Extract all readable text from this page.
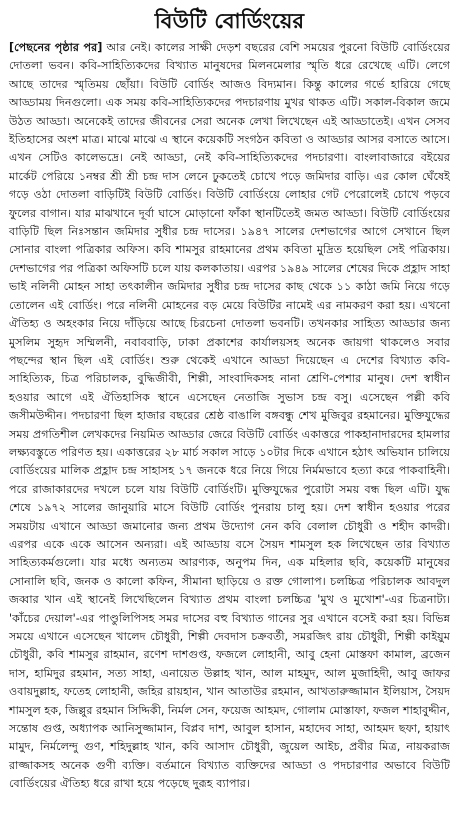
বিউটি বোর্ডিংয়ের

[পেছনের পৃষ্ঠার পর] আর নেই। কালের সাক্ষী দেড়শ বছরের বেশি সময়ের পুরনো বিউটি বোর্ডিংয়ের দোতলা ভবন। কবি-সাহিত্যিকদের বিখ্যাত মানুষদের মিলনমেলার স্মৃতি ধরে রেখেছে এটি। লেগে আছে তাদের স্মৃতিময় ছোঁয়া। বিউটি বোর্ডিং আজও বিদ্যমান। কিন্তু কালের গর্ভে হারিয়ে গেছে আড্ডাময় দিনগুলো। এক সময় কবি-সাহিত্যিকদের পদচারণায় মুখর থাকত এটি। সকাল-বিকাল জমে উঠত আড্ডা। অনেকেই তাদের জীবনের সেরা অনেক লেখা লিখেছেন এই আড্ডাতেই। এখন সেসব ইতিহাসের অংশ মাত্র। মাঝে মাঝে এ স্থানে কয়েকটি সংগঠন কবিতা ও আড্ডার আসর বসাতে আসে। এখন সেটিও কালেভদ্রে। নেই আড্ডা, নেই কবি-সাহিত্যিকদের পদচারণা। বাংলাবাজারে বইয়ের মার্কেট পেরিয়ে ১নম্বর শ্রী শ্রী চন্দ্র দাস লেনে ঢুকতেই চোখে পড়ে জমিদার বাড়ি। এর কোল ঘেঁষেই গড়ে ওঠা দোতলা বাড়িটিই বিউটি বোর্ডিং। বিউটি বোর্ডিংয়ে লোহার গেট পেরোলেই চোখে পড়বে ফুলের বাগান। যার মাঝখানে দূর্বা ঘাসে মোড়ানো ফাঁকা স্থানটিতেই জমত আড্ডা। বিউটি বোর্ডিংয়ের বাড়িটি ছিল নিঃসন্তান জমিদার সুধীর চন্দ্র দাসের। ১৯৪৭ সালের দেশভাগের আগে সেখানে ছিল সোনার বাংলা পত্রিকার অফিস। কবি শামসুর রাহমানের প্রথম কবিতা মুদ্রিত হয়েছিল সেই পত্রিকায়। দেশভাগের পর পত্রিকা অফিসটি চলে যায় কলকাতায়। এরপর ১৯৪৯ সালের শেষের দিকে প্রহ্লাদ সাহা ভাই নলিনী মোহন সাহা তৎকালীন জমিদার সুধীর চন্দ্র দাসের কাছ থেকে ১১ কাঠা জমি নিয়ে গড়ে তোলেন এই বোর্ডিং। পরে নলিনী মোহনের বড় মেয়ে বিউটির নামেই এর নামকরণ করা হয়। এখনো ঐতিহ্য ও অহংকার নিয়ে দাঁড়িয়ে আছে চিরচেনা দোতলা ভবনটি। তখনকার সাহিত্য আড্ডার জন্য মুসলিম সুহৃদ সম্মিলনী, নবাববাড়ি, ঢাকা প্রকাশের কার্যালয়সহ অনেক জায়গা থাকলেও সবার পছন্দের স্থান ছিল এই বোর্ডিং। শুরু থেকেই এখানে আড্ডা দিয়েছেন এ দেশের বিখ্যাত কবি-সাহিত্যিক, চিত্র পরিচালক, বুদ্ধিজীবী, শিল্পী, সাংবাদিকসহ নানা শ্রেণি-পেশার মানুষ। দেশ স্বাধীন হওয়ার আগে এই ঐতিহাসিক স্থানে এসেছেন নেতাজি সুভাস চন্দ্র বসু। এসেছেন পল্লী কবি জসীমউদ্দীন। পদচারণা ছিল হাজার বছরের শ্রেষ্ঠ বাঙালি বঙ্গবন্ধু শেখ মুজিবুর রহমানের। মুক্তিযুদ্ধের সময় প্রগতিশীল লেখকদের নিয়মিত আড্ডার জেরে বিউটি বোর্ডিং একাত্তরে পাকহানাদারদের হামলার লক্ষ্যবস্তুতে পরিণত হয়। একাত্তরের ২৮ মার্চ সকাল সাড়ে ১০টার দিকে এখানে হঠাৎ অভিযান চালিয়ে বোর্ডিংয়ের মালিক প্রহ্লাদ চন্দ্র সাহাসহ ১৭ জনকে ধরে নিয়ে গিয়ে নির্মমভাবে হত্যা করে পাকবাহিনী। পরে রাজাকারদের দখলে চলে যায় বিউটি বোর্ডিংটি। মুক্তিযুদ্ধের পুরোটা সময় বন্ধ ছিল এটি। যুদ্ধ শেষে ১৯৭২ সালের জানুয়ারি মাসে বিউটি বোর্ডিং পুনরায় চালু হয়। দেশ স্বাধীন হওয়ার পরের সময়টায় এখানে আড্ডা জমানোর জন্য প্রথম উদ্যোগ নেন কবি বেলাল চৌধুরী ও শহীদ কাদরী। এরপর একে একে আসেন অন্যরা। এই আড্ডায় বসে সৈয়দ শামসুল হক লিখেছেন তার বিখ্যাত সাহিত্যকর্মগুলো। যার মধ্যে অন্যতম আরণ্যক, অনুপম দিন, এক মহিলার ছবি, কয়েকটি মানুষের সোনালি ছবি, জনক ও কালো কফিন, সীমানা ছাড়িয়ে ও রক্ত গোলাপ। চলচ্চিত্র পরিচালক আবদুল জব্বার খান এই স্থানেই লিখেছিলেন বিখ্যাত প্রথম বাংলা চলচ্চিত্র 'মুখ ও মুখোশ'-এর চিত্রনাট্য। 'কাঁচের দেয়াল'-এর পাণ্ডুলিপিসহ সমর দাসের বহু বিখ্যাত গানের সুর এখানে বসেই করা হয়। বিভিন্ন সময়ে এখানে এসেছেন খালেদ চৌধুরী, শিল্পী দেবদাস চক্রবর্তী, সমরজিৎ রায় চৌধুরী, শিল্পী কাইয়ুম চৌধুরী, কবি শামসুর রাহমান, রণেশ দাশগুপ্ত, ফজলে লোহানী, আবু হেনা মোস্তফা কামাল, ব্রজেন দাস, হামিদুর রহমান, সত্য সাহা, এনায়েত উল্লাহ খান, আল মাহমুদ, আল মুজাহিদী, আবু জাফর ওবায়দুল্লাহ, ফতেহ লোহানী, জহির রায়হান, খান আতাউর রহমান, আখতারুজ্জামান ইলিয়াস, সৈয়দ শামসুল হক, জিল্লুর রহমান সিদ্দিকী, নির্মল সেন, ফয়েজ আহমদ, গোলাম মোস্তাফা, ফজল শাহাবুদ্দীন, সন্তোষ গুপ্ত, অধ্যাপক আনিসুজ্জামান, বিপ্লব দাশ, আবুল হাসান, মহাদেব সাহা, আহমদ ছফা, হায়াৎ মামুদ, নির্মলেন্দু গুণ, শহিদুল্লাহ খান, কবি আসাদ চৌধুরী, জুয়েল আইচ, প্রবীর মিত্র, নায়করাজ রাজ্জাকসহ অনেক গুণী ব্যক্তি। বর্তমানে বিখ্যাত ব্যক্তিদের আড্ডা ও পদচারণার অভাবে বিউটি বোর্ডিংয়ের ঐতিহ্য ধরে রাখা হয়ে পড়েছে দুরূহ ব্যাপার।
